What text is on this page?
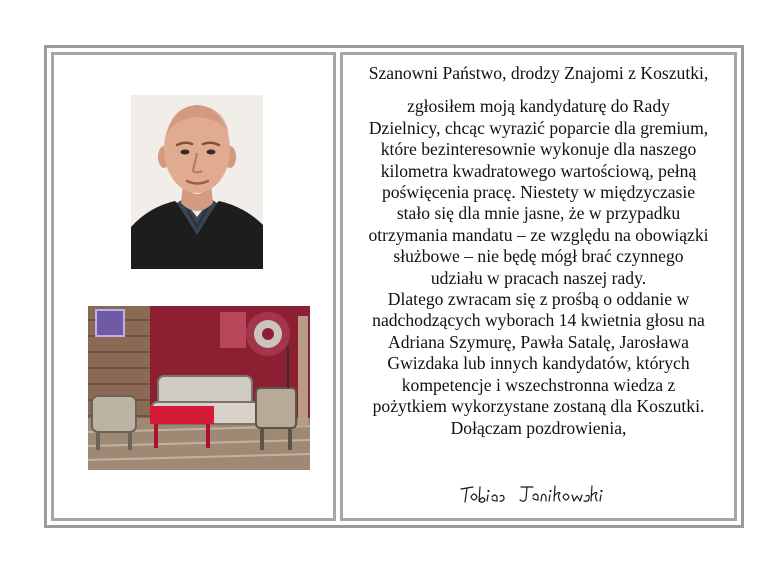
Szanowni Państwo, drodzy Znajomi z Koszutki,

zgłosiłem moją kandydaturę do Rady

Dzielnicy, chcąc wyrazić poparcie dla gremium,

które bezinteresownie wykonuje dla naszego

kilometra kwadratowego wartościową, pełną

poświęcenia pracę. Niestety w międzyczasie

stało się dla mnie jasne, że w przypadku

otrzymania mandatu – ze względu na obowiązki

służbowe – nie będę mógł brać czynnego

udziału w pracach naszej rady.

Dlatego zwracam się z prośbą o oddanie w

nadchodzących wyborach 14 kwietnia głosu na

Adriana Szymurę, Pawła Satalę, Jarosława

Gwizdaka lub innych kandydatów, których

kompetencje i wszechstronna wiedza z

pożytkiem wykorzystane zostaną dla Koszutki.

Dołączam pozdrowienia,
